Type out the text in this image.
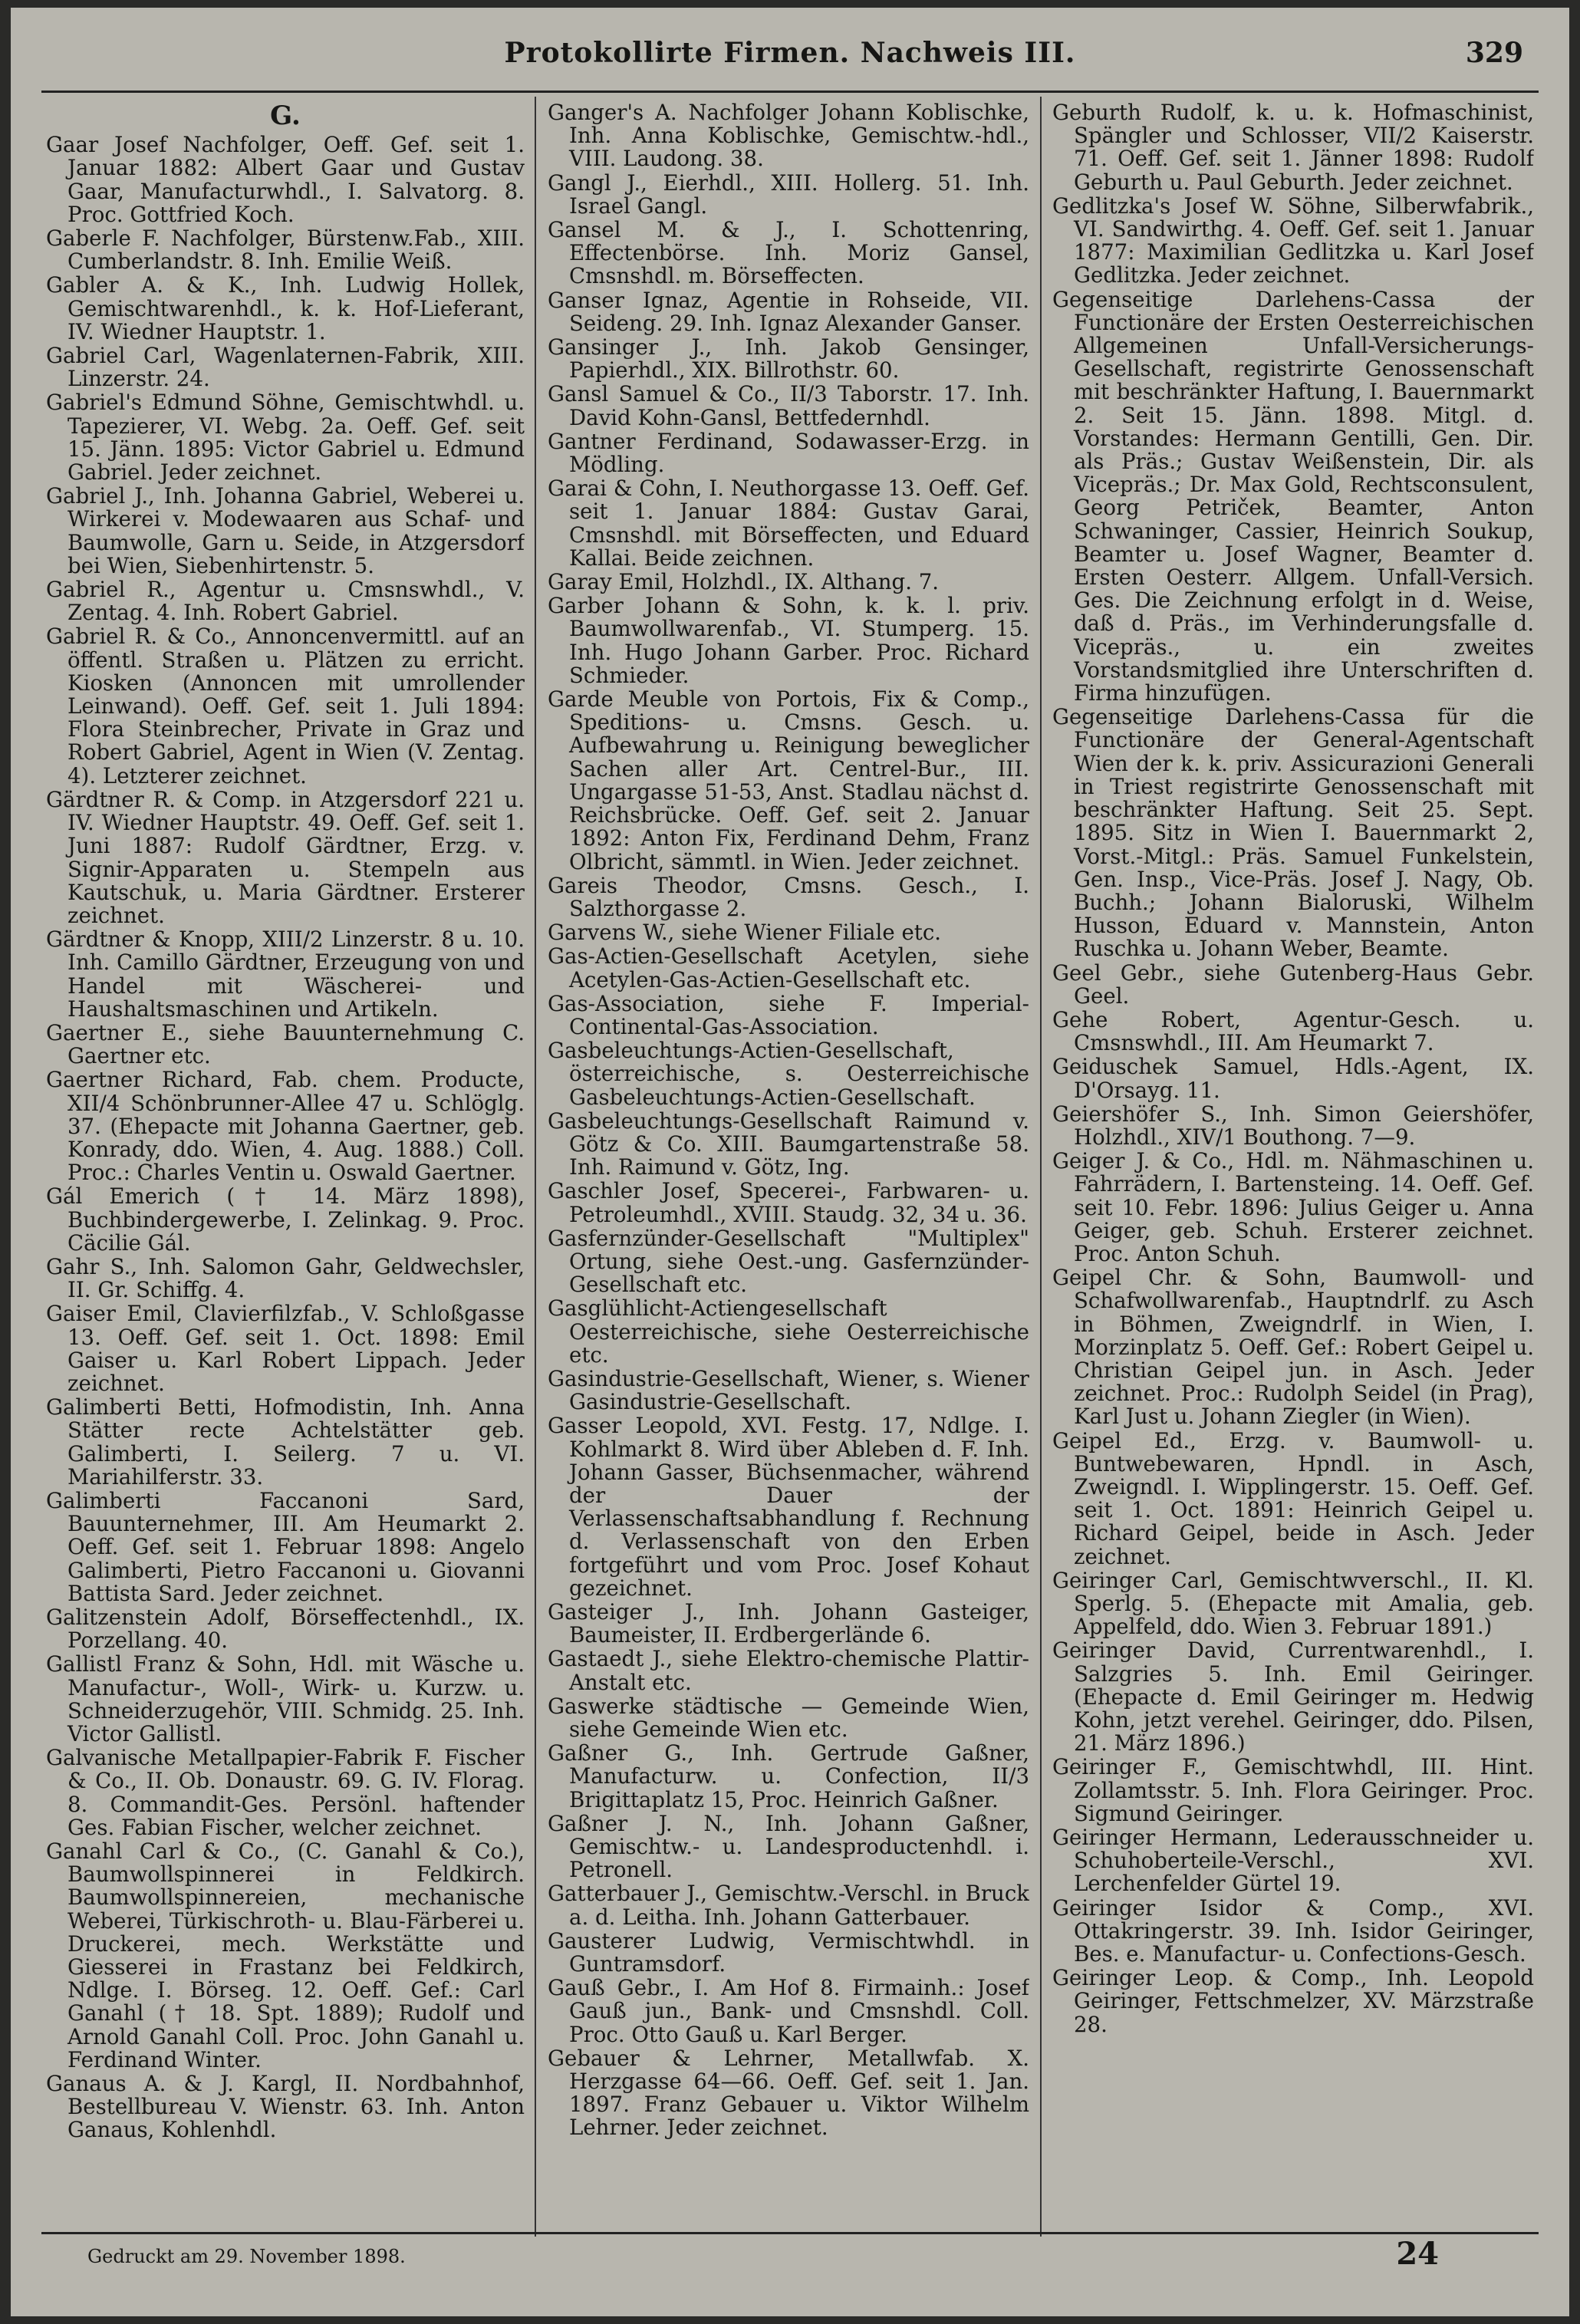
Protokollirte Firmen. Nachweis III.	329
G.

Gaar Josef Nachfolger, Oeff. Gef. seit 1. Januar 1882: Albert Gaar und Gustav Gaar, Manufacturwhdl., I. Salvatorg. 8. Proc. Gottfried Koch.

Gaberle F. Nachfolger, Bürstenw.Fab., XIII. Cumberlandstr. 8. Inh. Emilie Weiß.

Gabler A. & K., Inh. Ludwig Hollek, Gemischtwarenhdl., k. k. Hof-Lieferant, IV. Wiedner Hauptstr. 1.

Gabriel Carl, Wagenlaternen-Fabrik, XIII. Linzerstr. 24.

Gabriel's Edmund Söhne, Gemischtwhdl. u. Tapezierer, VI. Webg. 2a. Oeff. Gef. seit 15. Jänn. 1895: Victor Gabriel u. Edmund Gabriel. Jeder zeichnet.

Gabriel J., Inh. Johanna Gabriel, Weberei u. Wirkerei v. Modewaaren aus Schaf- und Baumwolle, Garn u. Seide, in Atzgersdorf bei Wien, Siebenhirtenstr. 5.

Gabriel R., Agentur u. Cmsnswhdl., V. Zentag. 4. Inh. Robert Gabriel.

Gabriel R. & Co., Annoncenvermittl. auf an öffentl. Straßen u. Plätzen zu erricht. Kiosken (Annoncen mit umrollender Leinwand). Oeff. Gef. seit 1. Juli 1894: Flora Steinbrecher, Private in Graz und Robert Gabriel, Agent in Wien (V. Zentag. 4). Letzterer zeichnet.

Gärdtner R. & Comp. in Atzgersdorf 221 u. IV. Wiedner Hauptstr. 49. Oeff. Gef. seit 1. Juni 1887: Rudolf Gärdtner, Erzg. v. Signir-Apparaten u. Stempeln aus Kautschuk, u. Maria Gärdtner. Ersterer zeichnet.

Gärdtner & Knopp, XIII/2 Linzerstr. 8 u. 10. Inh. Camillo Gärdtner, Erzeugung von und Handel mit Wäscherei- und Haushaltsmaschinen und Artikeln.

Gaertner E., siehe Bauunternehmung C. Gaertner etc.

Gaertner Richard, Fab. chem. Producte, XII/4 Schönbrunner-Allee 47 u. Schlöglg. 37. (Ehepacte mit Johanna Gaertner, geb. Konrady, ddo. Wien, 4. Aug. 1888.) Coll. Proc.: Charles Ventin u. Oswald Gaertner.

Gál Emerich († 14. März 1898), Buchbindergewerbe, I. Zelinkag. 9. Proc. Cäcilie Gál.

Gahr S., Inh. Salomon Gahr, Geldwechsler, II. Gr. Schiffg. 4.

Gaiser Emil, Clavierfilzfab., V. Schloßgasse 13. Oeff. Gef. seit 1. Oct. 1898: Emil Gaiser u. Karl Robert Lippach. Jeder zeichnet.

Galimberti Betti, Hofmodistin, Inh. Anna Stätter recte Achtelstätter geb. Galimberti, I. Seilerg. 7 u. VI. Mariahilferstr. 33.

Galimberti Faccanoni Sard, Bauunternehmer, III. Am Heumarkt 2. Oeff. Gef. seit 1. Februar 1898: Angelo Galimberti, Pietro Faccanoni u. Giovanni Battista Sard. Jeder zeichnet.

Galitzenstein Adolf, Börseffectenhdl., IX. Porzellang. 40.

Gallistl Franz & Sohn, Hdl. mit Wäsche u. Manufactur-, Woll-, Wirk- u. Kurzw. u. Schneiderzugehör, VIII. Schmidg. 25. Inh. Victor Gallistl.

Galvanische Metallpapier-Fabrik F. Fischer & Co., II. Ob. Donaustr. 69. G. IV. Florag. 8. Commandit-Ges. Persönl. haftender Ges. Fabian Fischer, welcher zeichnet.

Ganahl Carl & Co., (C. Ganahl & Co.), Baumwollspinnerei in Feldkirch. Baumwollspinnereien, mechanische Weberei, Türkischroth- u. Blau-Färberei u. Druckerei, mech. Werkstätte und Giesserei in Frastanz bei Feldkirch, Ndlge. I. Börseg. 12. Oeff. Gef.: Carl Ganahl († 18. Spt. 1889); Rudolf und Arnold Ganahl Coll. Proc. John Ganahl u. Ferdinand Winter.

Ganaus A. & J. Kargl, II. Nordbahnhof, Bestellbureau V. Wienstr. 63. Inh. Anton Ganaus, Kohlenhdl.

Ganger's A. Nachfolger Johann Koblischke, Inh. Anna Koblischke, Gemischtw.-hdl., VIII. Laudong. 38.

Gangl J., Eierhdl., XIII. Hollerg. 51. Inh. Israel Gangl.

Gansel M. & J., I. Schottenring, Effectenbörse. Inh. Moriz Gansel, Cmsnshdl. m. Börseffecten.

Ganser Ignaz, Agentie in Rohseide, VII. Seideng. 29. Inh. Ignaz Alexander Ganser.

Gansinger J., Inh. Jakob Gensinger, Papierhdl., XIX. Billrothstr. 60.

Gansl Samuel & Co., II/3 Taborstr. 17. Inh. David Kohn-Gansl, Bettfedernhdl.

Gantner Ferdinand, Sodawasser-Erzg. in Mödling.

Garai & Cohn, I. Neuthorgasse 13. Oeff. Gef. seit 1. Januar 1884: Gustav Garai, Cmsnshdl. mit Börseffecten, und Eduard Kallai. Beide zeichnen.

Garay Emil, Holzhdl., IX. Althang. 7.

Garber Johann & Sohn, k. k. l. priv. Baumwollwarenfab., VI. Stumperg. 15. Inh. Hugo Johann Garber. Proc. Richard Schmieder.

Garde Meuble von Portois, Fix & Comp., Speditions- u. Cmsns. Gesch. u. Aufbewahrung u. Reinigung beweglicher Sachen aller Art. Centrel-Bur., III. Ungargasse 51-53, Anst. Stadlau nächst d. Reichsbrücke. Oeff. Gef. seit 2. Januar 1892: Anton Fix, Ferdinand Dehm, Franz Olbricht, sämmtl. in Wien. Jeder zeichnet.

Gareis Theodor, Cmsns. Gesch., I. Salzthorgasse 2.

Garvens W., siehe Wiener Filiale etc.

Gas-Actien-Gesellschaft Acetylen, siehe Acetylen-Gas-Actien-Gesellschaft etc.

Gas-Association, siehe F. Imperial-Continental-Gas-Association.

Gasbeleuchtungs-Actien-Gesellschaft, österreichische, s. Oesterreichische Gasbeleuchtungs-Actien-Gesellschaft.

Gasbeleuchtungs-Gesellschaft Raimund v. Götz & Co. XIII. Baumgartenstraße 58. Inh. Raimund v. Götz, Ing.

Gaschler Josef, Specerei-, Farbwaren- u. Petroleumhdl., XVIII. Staudg. 32, 34 u. 36.

Gasfernzünder-Gesellschaft "Multiplex" Ortung, siehe Oest.-ung. Gasfernzünder-Gesellschaft etc.

Gasglühlicht-Actiengesellschaft Oesterreichische, siehe Oesterreichische etc.

Gasindustrie-Gesellschaft, Wiener, s. Wiener Gasindustrie-Gesellschaft.

Gasser Leopold, XVI. Festg. 17, Ndlge. I. Kohlmarkt 8. Wird über Ableben d. F. Inh. Johann Gasser, Büchsenmacher, während der Dauer der Verlassenschaftsabhandlung f. Rechnung d. Verlassenschaft von den Erben fortgeführt und vom Proc. Josef Kohaut gezeichnet.

Gasteiger J., Inh. Johann Gasteiger, Baumeister, II. Erdbergerlände 6.

Gastaedt J., siehe Elektro-chemische Plattir-Anstalt etc.

Gaswerke städtische — Gemeinde Wien, siehe Gemeinde Wien etc.

Gaßner G., Inh. Gertrude Gaßner, Manufacturw. u. Confection, II/3 Brigittaplatz 15, Proc. Heinrich Gaßner.

Gaßner J. N., Inh. Johann Gaßner, Gemischtw.- u. Landesproductenhdl. i. Petronell.

Gatterbauer J., Gemischtw.-Verschl. in Bruck a. d. Leitha. Inh. Johann Gatterbauer.

Gausterer Ludwig, Vermischtwhdl. in Guntramsdorf.

Gauß Gebr., I. Am Hof 8. Firmainh.: Josef Gauß jun., Bank- und Cmsnshdl. Coll. Proc. Otto Gauß u. Karl Berger.

Gebauer & Lehrner, Metallwfab. X. Herzgasse 64—66. Oeff. Gef. seit 1. Jan. 1897. Franz Gebauer u. Viktor Wilhelm Lehrner. Jeder zeichnet.

Geburth Rudolf, k. u. k. Hofmaschinist, Spängler und Schlosser, VII/2 Kaiserstr. 71. Oeff. Gef. seit 1. Jänner 1898: Rudolf Geburth u. Paul Geburth. Jeder zeichnet.

Gedlitzka's Josef W. Söhne, Silberwfabrik., VI. Sandwirthg. 4. Oeff. Gef. seit 1. Januar 1877: Maximilian Gedlitzka u. Karl Josef Gedlitzka. Jeder zeichnet.

Gegenseitige Darlehens-Cassa der Functionäre der Ersten Oesterreichischen Allgemeinen Unfall-Versicherungs-Gesellschaft, registrirte Genossenschaft mit beschränkter Haftung, I. Bauernmarkt 2. Seit 15. Jänn. 1898. Mitgl. d. Vorstandes: Hermann Gentilli, Gen. Dir. als Präs.; Gustav Weißenstein, Dir. als Vicepräs.; Dr. Max Gold, Rechtsconsulent, Georg Petriček, Beamter, Anton Schwaninger, Cassier, Heinrich Soukup, Beamter u. Josef Wagner, Beamter d. Ersten Oesterr. Allgem. Unfall-Versich. Ges. Die Zeichnung erfolgt in d. Weise, daß d. Präs., im Verhinderungsfalle d. Vicepräs., u. ein zweites Vorstandsmitglied ihre Unterschriften d. Firma hinzufügen.

Gegenseitige Darlehens-Cassa für die Functionäre der General-Agentschaft Wien der k. k. priv. Assicurazioni Generali in Triest registrirte Genossenschaft mit beschränkter Haftung. Seit 25. Sept. 1895. Sitz in Wien I. Bauernmarkt 2, Vorst.-Mitgl.: Präs. Samuel Funkelstein, Gen. Insp., Vice-Präs. Josef J. Nagy, Ob. Buchh.; Johann Bialoruski, Wilhelm Husson, Eduard v. Mannstein, Anton Ruschka u. Johann Weber, Beamte.

Geel Gebr., siehe Gutenberg-Haus Gebr. Geel.

Gehe Robert, Agentur-Gesch. u. Cmsnswhdl., III. Am Heumarkt 7.

Geiduschek Samuel, Hdls.-Agent, IX. D'Orsayg. 11.

Geiershöfer S., Inh. Simon Geiershöfer, Holzhdl., XIV/1 Bouthong. 7—9.

Geiger J. & Co., Hdl. m. Nähmaschinen u. Fahrrädern, I. Bartensteing. 14. Oeff. Gef. seit 10. Febr. 1896: Julius Geiger u. Anna Geiger, geb. Schuh. Ersterer zeichnet. Proc. Anton Schuh.

Geipel Chr. & Sohn, Baumwoll- und Schafwollwarenfab., Hauptndrlf. zu Asch in Böhmen, Zweigndrlf. in Wien, I. Morzinplatz 5. Oeff. Gef.: Robert Geipel u. Christian Geipel jun. in Asch. Jeder zeichnet. Proc.: Rudolph Seidel (in Prag), Karl Just u. Johann Ziegler (in Wien).

Geipel Ed., Erzg. v. Baumwoll- u. Buntwebewaren, Hpndl. in Asch, Zweigndl. I. Wipplingerstr. 15. Oeff. Gef. seit 1. Oct. 1891: Heinrich Geipel u. Richard Geipel, beide in Asch. Jeder zeichnet.

Geiringer Carl, Gemischtwverschl., II. Kl. Sperlg. 5. (Ehepacte mit Amalia, geb. Appelfeld, ddo. Wien 3. Februar 1891.)

Geiringer David, Currentwarenhdl., I. Salzgries 5. Inh. Emil Geiringer. (Ehepacte d. Emil Geiringer m. Hedwig Kohn, jetzt verehel. Geiringer, ddo. Pilsen, 21. März 1896.)

Geiringer F., Gemischtwhdl, III. Hint. Zollamtsstr. 5. Inh. Flora Geiringer. Proc. Sigmund Geiringer.

Geiringer Hermann, Lederausschneider u. Schuhoberteile-Verschl., XVI. Lerchenfelder Gürtel 19.

Geiringer Isidor & Comp., XVI. Ottakringerstr. 39. Inh. Isidor Geiringer, Bes. e. Manufactur- u. Confections-Gesch.

Geiringer Leop. & Comp., Inh. Leopold Geiringer, Fettschmelzer, XV. Märzstraße 28.

Gedruckt am 29. November 1898.	24
